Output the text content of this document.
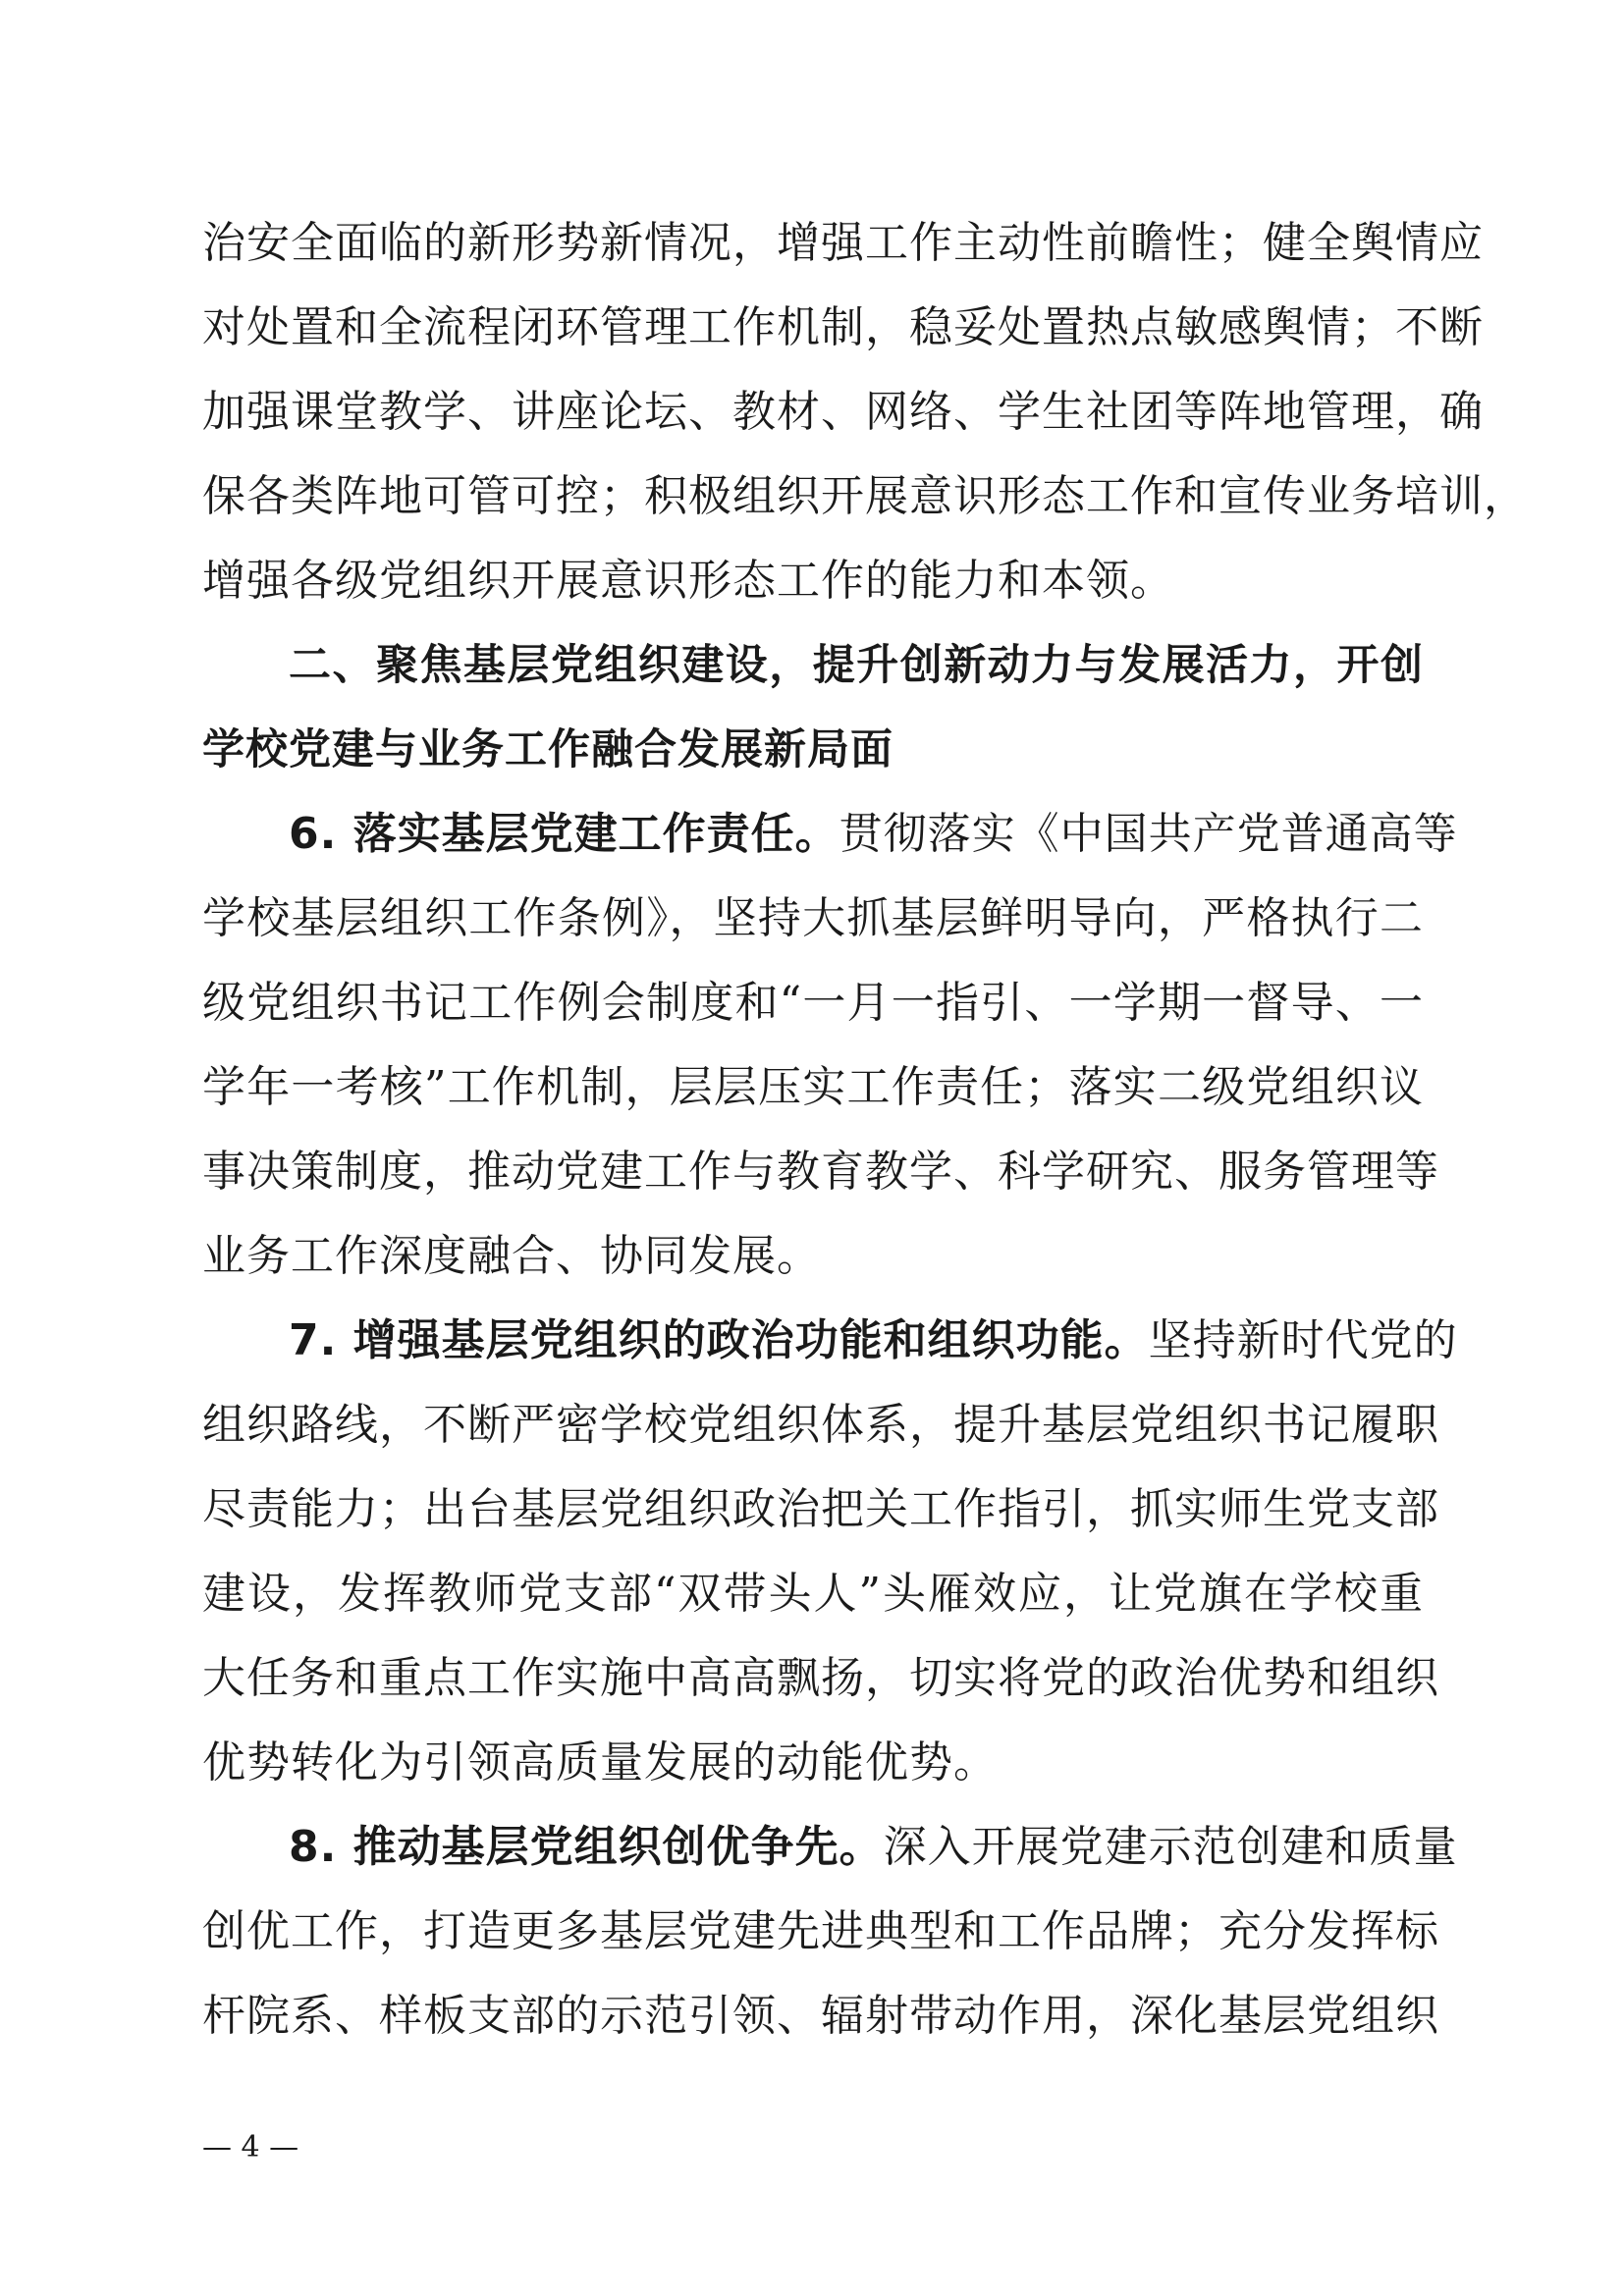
治安全面临的新形势新情况，增强工作主动性前瞻性；健全舆情应
对处置和全流程闭环管理工作机制，稳妥处置热点敏感舆情；不断
加强课堂教学、讲座论坛、教材、网络、学生社团等阵地管理，确
保各类阵地可管可控；积极组织开展意识形态工作和宣传业务培训，
增强各级党组织开展意识形态工作的能力和本领。
二、聚焦基层党组织建设，提升创新动力与发展活力，开创
学校党建与业务工作融合发展新局面
6. 落实基层党建工作责任。贯彻落实《中国共产党普通高等
学校基层组织工作条例》，坚持大抓基层鲜明导向，严格执行二
级党组织书记工作例会制度和“一月一指引、一学期一督导、一
学年一考核”工作机制，层层压实工作责任；落实二级党组织议
事决策制度，推动党建工作与教育教学、科学研究、服务管理等
业务工作深度融合、协同发展。
7. 增强基层党组织的政治功能和组织功能。坚持新时代党的
组织路线，不断严密学校党组织体系，提升基层党组织书记履职
尽责能力；出台基层党组织政治把关工作指引，抓实师生党支部
建设，发挥教师党支部“双带头人”头雁效应，让党旗在学校重
大任务和重点工作实施中高高飘扬，切实将党的政治优势和组织
优势转化为引领高质量发展的动能优势。
8. 推动基层党组织创优争先。深入开展党建示范创建和质量
创优工作，打造更多基层党建先进典型和工作品牌；充分发挥标
杆院系、样板支部的示范引领、辐射带动作用，深化基层党组织
— 4 —
